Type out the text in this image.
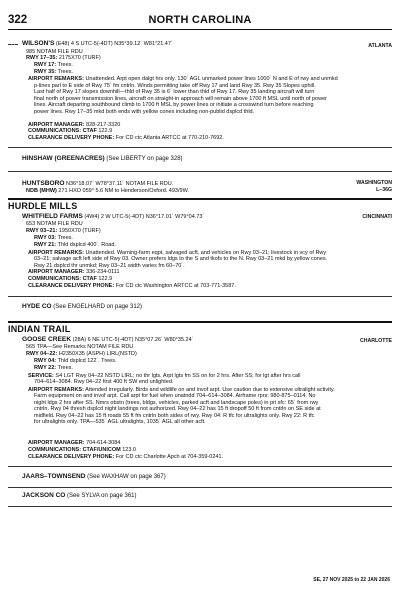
322	NORTH CAROLINA
WILSON'S (E48) 4 S UTC-5(-4DT) N35°39.12´ W81°21.47´	ATLANTA
985 NOTAM FILE RDU
RWY 17–35: 2175X70 (TURF)
RWY 17: Trees.
RWY 35: Trees.
AIRPORT REMARKS: Unattended. Arpt open dalgt hrs only. 130´ AGL unmarked power lines 1000´ N and E of rwy and unmkd
p-lines parl to E side of Rwy 75´ fm cntrln. Winds permitting take off Rwy 17 and land Rwy 35. Rwy 35 Slopes uphill.
Last half of Rwy 17 slopes downhill—thld of Rwy 35 is 6´ lower than thld of Rwy 17. Rwy 35 landing aircraft will turn
final north of power transmission lines, aircraft on straight-in approach will remain above 1700 ft MSL until north of power
lines. Aircraft departing southbound climb to 1700 ft MSL by power lines or initiate a crosswind turn before reaching
power lines. Rwy 17–35 mkd both ends with yellow cones including non-publid dsplcd thld.
AIRPORT MANAGER: 828-217-3320
COMMUNICATIONS: CTAF 122.9
CLEARANCE DELIVERY PHONE: For CD ctc Atlanta ARTCC at 770-210-7692.
HINSHAW (GREENACRES) (See LIBERTY on page 328)
HUNTSBORO N36°18.07´ W78°37.11´ NOTAM FILE RDU.
NDB (MHW) 271 HXO 059° 5.6 NM to Henderson/Oxford. 493/9W.
WASHINGTON
L–36G
HURDLE MILLS
WHITFIELD FARMS (4W4) 2 W UTC-5(-4DT) N36°17.01´ W79°04.73´	CINCINNATI
653 NOTAM FILE RDU
RWY 03–21: 1950X70 (TURF)
RWY 03: Trees.
RWY 21: Thld dsplcd 400´. Road.
AIRPORT REMARKS: Unattended. Warning-farm eqpt, salvaged acft, and vehicles on Rwy 03–21; livestock in vcy of Rwy
03–21; salvage acft left side of Rwy 03. Owner prefers ldgs to the S and tkofs to the N. Rwy 03–21 mkd by yellow cones.
Rwy 21 dsplcd thr unmkd; Rwy 03–21 width varies fm 60–70´.
AIRPORT MANAGER: 336-234-0111
COMMUNICATIONS: CTAF 122.9
CLEARANCE DELIVERY PHONE: For CD ctc Washington ARTCC at 703-771-3587.
HYDE CO (See ENGELHARD on page 312)
INDIAN TRAIL
GOOSE CREEK (28A) 6 NE UTC-5(-4DT) N35°07.26´ W80°35.24´	CHARLOTTE
565 TPA—See Remarks NOTAM FILE RDU
RWY 04–22: H2350X35 (ASPH) LIRL(NSTD)
RWY 04: Thld dsplcd 122´. Trees.
RWY 22: Trees.
SERVICE: S4 LGT Rwy 04–22 NSTD LIRL; no thr lgts. Arpt lgts fm SS on for 2 hrs. After SS; for lgt after hrs call
704–614–3084. Rwy 04–22 first 400 ft SW end unlighted.
AIRPORT REMARKS: Attended irregularly. Birds and wildlife on and invof arpt. Use caution due to extensive ultralight activity.
Farm equipment on and invof arpt. Call arpt for fuel when unatndd 704–614–3084. Airframe rprs: 980-875–0114. No
night ldgs 2 hrs after SS. Nmrs obstn (trees, bldgs, vehicles, parked acft and landscape poles) in pri sfc: 65´ from rwy
cntrln. Rwy 04 thresh dsplcd night landings not authorized. Rwy 04–22 has 15 ft dropoff 50 ft from cntrln on SE side at
midfield. Rwy 04–22 has 15 ft roads 55 ft fm cntrln both sides of rwy. Rwy 04: R tfc for ultralights only. Rwy 22: R tfc
for ultralights only. TPA—535´ AGL ultralights, 1035´ AGL all other acft.
AIRPORT MANAGER: 704-614-3084
COMMUNICATIONS: CTAF/UNICOM 123.0
CLEARANCE DELIVERY PHONE: For CD ctc Charlotte Apch at 704-359-0241.
JAARS–TOWNSEND (See WAXHAW on page 367)
JACKSON CO (See SYLVA on page 361)
SE, 27 NOV 2025 to 22 JAN 2026
